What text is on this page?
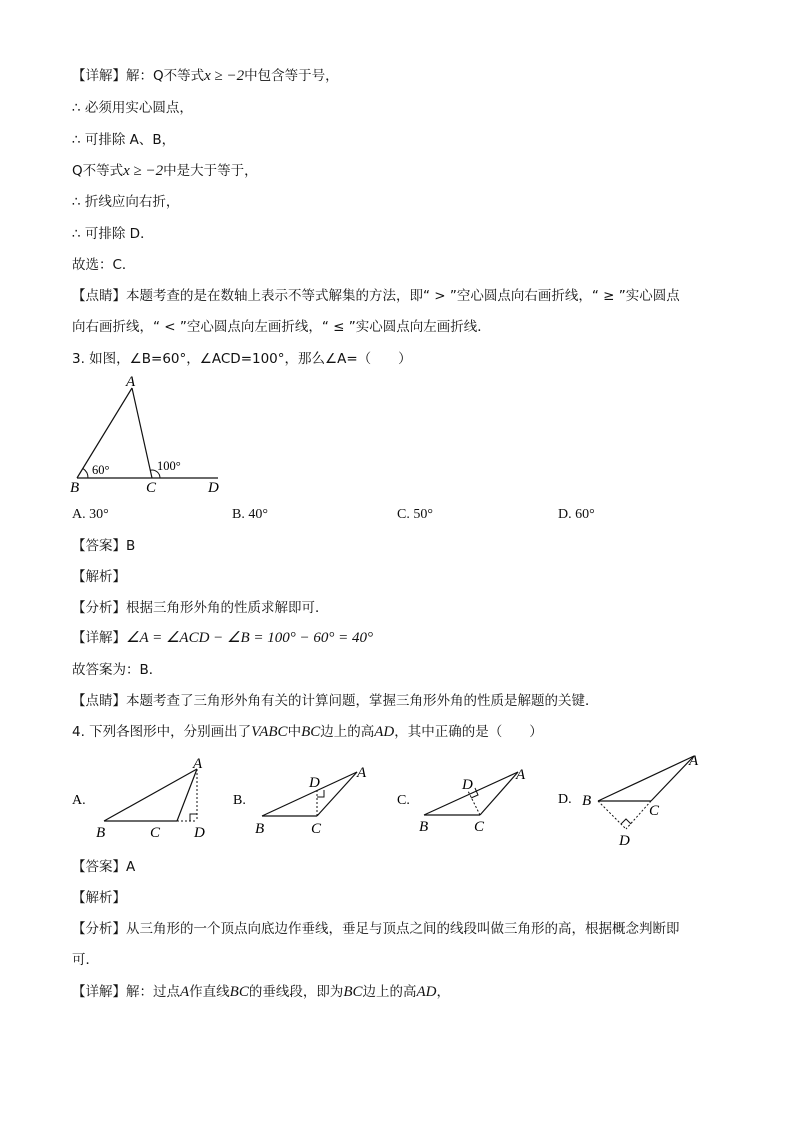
【详解】解：Q不等式x ≥ −2中包含等于号，
∴ 必须用实心圆点，
∴ 可排除 A、B，
Q不等式x ≥ −2中是大于等于，
∴ 折线应向右折，
∴ 可排除 D．
故选：C．
【点睛】本题考查的是在数轴上表示不等式解集的方法，即“ > ”空心圆点向右画折线，“ ≥ ”实心圆点
向右画折线，“ < ”空心圆点向左画折线，“ ≤ ”实心圆点向左画折线．
3. 如图，∠B=60°，∠ACD=100°，那么∠A=（　　）
A
B	C	D
60°	100°
A. 30°	B. 40°	C. 50°	D. 60°
【答案】B
【解析】
【分析】根据三角形外角的性质求解即可．
【详解】∠A = ∠ACD − ∠B = 100° − 60° = 40°
故答案为：B．
【点睛】本题考查了三角形外角有关的计算问题，掌握三角形外角的性质是解题的关键．
4. 下列各图形中，分别画出了VABC中BC边上的高AD，其中正确的是（　　）
A.
A
B	C D
B.
A
D
B	C
C.
A
D
B	C
D.
A
B
C
D
【答案】A
【解析】
【分析】从三角形的一个顶点向底边作垂线，垂足与顶点之间的线段叫做三角形的高，根据概念判断即
可．
【详解】解：过点A作直线BC的垂线段，即为BC边上的高AD，
